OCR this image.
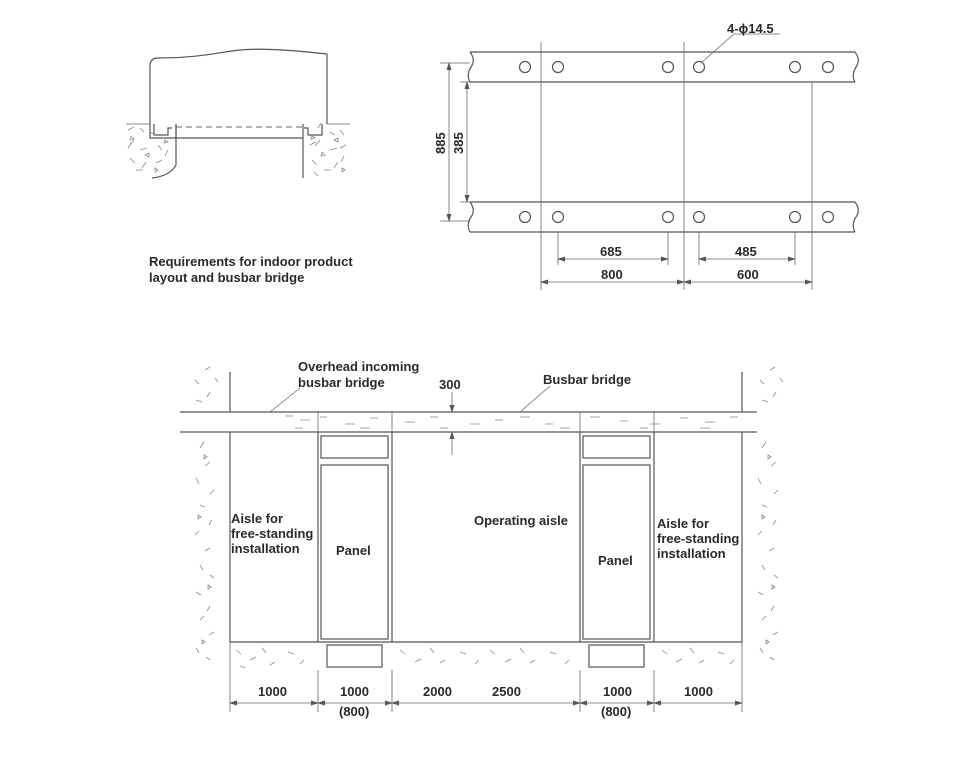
Requirements for indoor product
layout and busbar bridge
4-ϕ14.5
885 385
685	485
800	600
Overhead incoming
busbar bridge	300	Busbar bridge
Aisle for
free-standing
installation	Panel
Operating aisle
Panel
Aisle for
free-standing
installation
1000	1000
(800)
2000	2500	1000
(800)
1000
